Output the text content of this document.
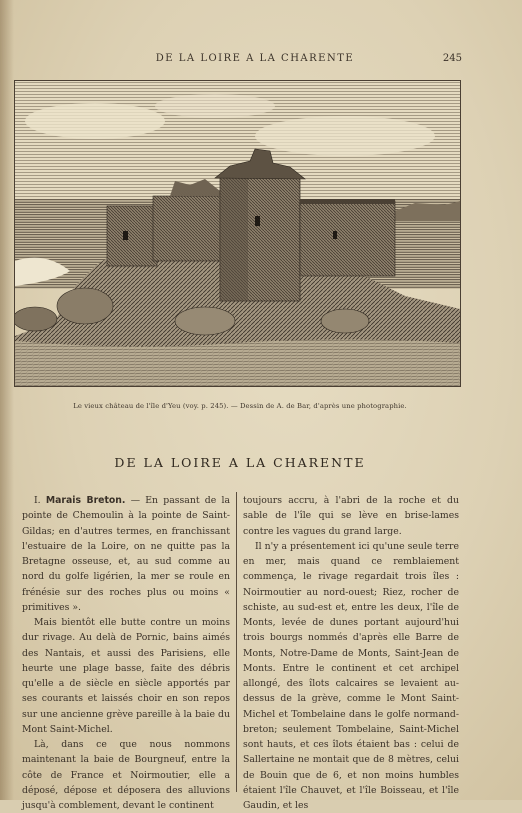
DE LA LOIRE A LA CHARENTE	245
Le vieux château de l'île d'Yeu (voy. p. 245). — Dessin de A. de Bar, d'après une photographie.
DE LA LOIRE A LA CHARENTE

I. Marais Breton. — En passant de la pointe de Chemoulin à la pointe de Saint-Gildas; en d'autres termes, en franchissant l'estuaire de la Loire, on ne quitte pas la Bretagne osseuse, et, au sud comme au nord du golfe ligérien, la mer se roule en frénésie sur des roches plus ou moins « primitives ».

Mais bientôt elle butte contre un moins dur rivage. Au delà de Pornic, bains aimés des Nantais, et aussi des Parisiens, elle heurte une plage basse, faite des débris qu'elle a de siècle en siècle apportés par ses courants et laissés choir en son repos sur une ancienne grève pareille à la baie du Mont Saint-Michel.

Là, dans ce que nous nommons maintenant la baie de Bourgneuf, entre la côte de France et Noirmoutier, elle a déposé, dépose et déposera des alluvions jusqu'à comblement, devant le continent

toujours accru, à l'abri de la roche et du sable de l'île qui se lève en brise-lames contre les vagues du grand large.

Il n'y a présentement ici qu'une seule terre en mer, mais quand ce remblaiement commença, le rivage regardait trois îles : Noirmoutier au nord-ouest; Riez, rocher de schiste, au sud-est et, entre les deux, l'île de Monts, levée de dunes portant aujourd'hui trois bourgs nommés d'après elle Barre de Monts, Notre-Dame de Monts, Saint-Jean de Monts. Entre le continent et cet archipel allongé, des îlots calcaires se levaient au-dessus de la grève, comme le Mont Saint-Michel et Tombelaine dans le golfe normand-breton; seulement Tombelaine, Saint-Michel sont hauts, et ces îlots étaient bas : celui de Sallertaine ne montait que de 8 mètres, celui de Bouin que de 6, et non moins humbles étaient l'île Chauvet, et l'île Boisseau, et l'île Gaudin, et les
